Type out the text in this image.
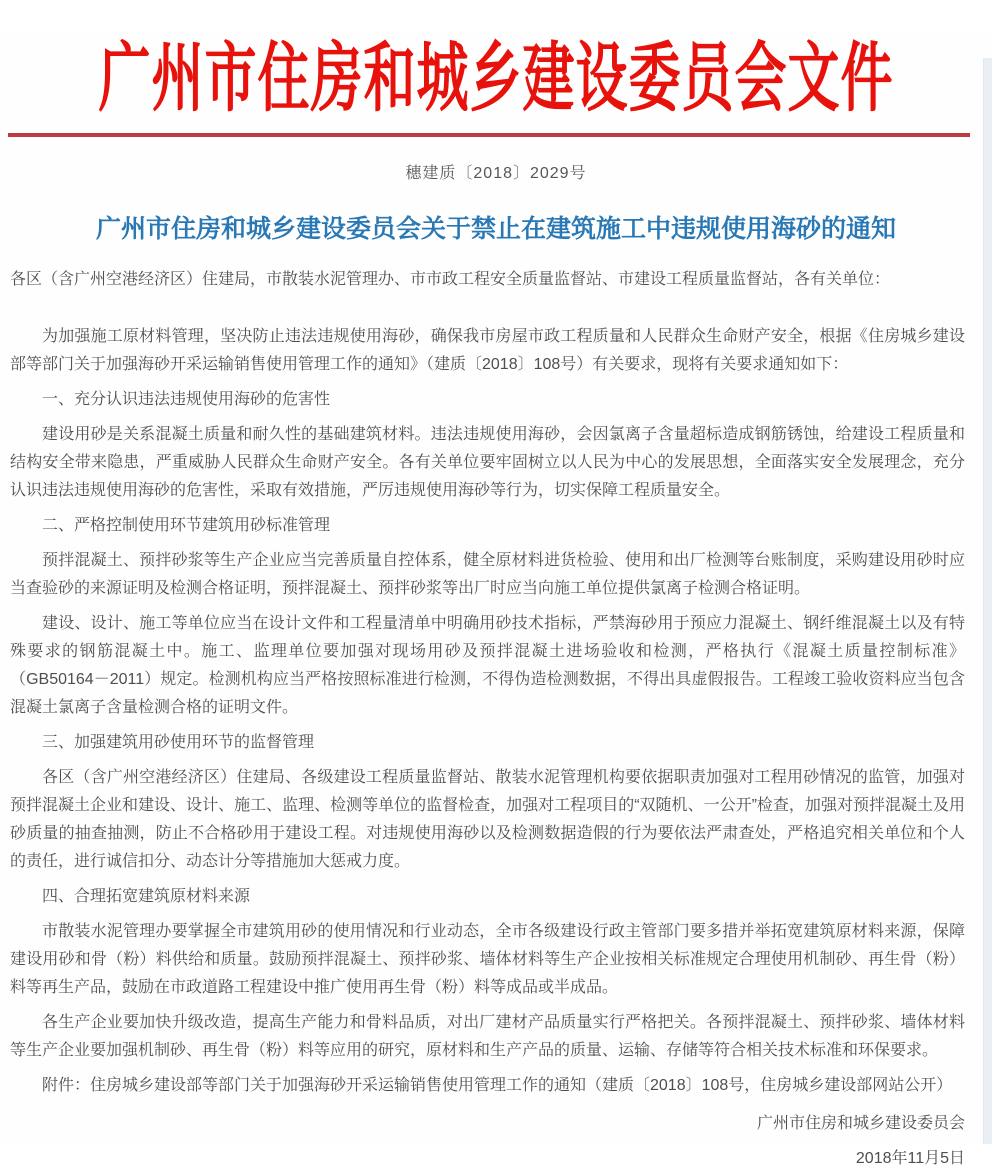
广州市住房和城乡建设委员会文件
穗建质〔2018〕2029号
广州市住房和城乡建设委员会关于禁止在建筑施工中违规使用海砂的通知

各区（含广州空港经济区）住建局，市散装水泥管理办、市市政工程安全质量监督站、市建设工程质量监督站，各有关单位：

为加强施工原材料管理，坚决防止违法违规使用海砂，确保我市房屋市政工程质量和人民群众生命财产安全，根据《住房城乡建设部等部门关于加强海砂开采运输销售使用管理工作的通知》（建质〔2018〕108号）有关要求，现将有关要求通知如下：

一、充分认识违法违规使用海砂的危害性

建设用砂是关系混凝土质量和耐久性的基础建筑材料。违法违规使用海砂，会因氯离子含量超标造成钢筋锈蚀，给建设工程质量和结构安全带来隐患，严重威胁人民群众生命财产安全。各有关单位要牢固树立以人民为中心的发展思想，全面落实安全发展理念，充分认识违法违规使用海砂的危害性，采取有效措施，严厉违规使用海砂等行为，切实保障工程质量安全。

二、严格控制使用环节建筑用砂标准管理

预拌混凝土、预拌砂浆等生产企业应当完善质量自控体系，健全原材料进货检验、使用和出厂检测等台账制度，采购建设用砂时应当查验砂的来源证明及检测合格证明，预拌混凝土、预拌砂浆等出厂时应当向施工单位提供氯离子检测合格证明。

建设、设计、施工等单位应当在设计文件和工程量清单中明确用砂技术指标，严禁海砂用于预应力混凝土、钢纤维混凝土以及有特殊要求的钢筋混凝土中。施工、监理单位要加强对现场用砂及预拌混凝土进场验收和检测，严格执行《混凝土质量控制标准》（GB50164－2011）规定。检测机构应当严格按照标准进行检测，不得伪造检测数据，不得出具虚假报告。工程竣工验收资料应当包含混凝土氯离子含量检测合格的证明文件。

三、加强建筑用砂使用环节的监督管理

各区（含广州空港经济区）住建局、各级建设工程质量监督站、散装水泥管理机构要依据职责加强对工程用砂情况的监管，加强对预拌混凝土企业和建设、设计、施工、监理、检测等单位的监督检查，加强对工程项目的“双随机、一公开”检查，加强对预拌混凝土及用砂质量的抽查抽测，防止不合格砂用于建设工程。对违规使用海砂以及检测数据造假的行为要依法严肃查处，严格追究相关单位和个人的责任，进行诚信扣分、动态计分等措施加大惩戒力度。

四、合理拓宽建筑原材料来源

市散装水泥管理办要掌握全市建筑用砂的使用情况和行业动态，全市各级建设行政主管部门要多措并举拓宽建筑原材料来源，保障建设用砂和骨（粉）料供给和质量。鼓励预拌混凝土、预拌砂浆、墙体材料等生产企业按相关标准规定合理使用机制砂、再生骨（粉）料等再生产品，鼓励在市政道路工程建设中推广使用再生骨（粉）料等成品或半成品。

各生产企业要加快升级改造，提高生产能力和骨料品质，对出厂建材产品质量实行严格把关。各预拌混凝土、预拌砂浆、墙体材料等生产企业要加强机制砂、再生骨（粉）料等应用的研究，原材料和生产产品的质量、运输、存储等符合相关技术标准和环保要求。

附件：住房城乡建设部等部门关于加强海砂开采运输销售使用管理工作的通知（建质〔2018〕108号，住房城乡建设部网站公开）

广州市住房和城乡建设委员会
2018年11月5日
